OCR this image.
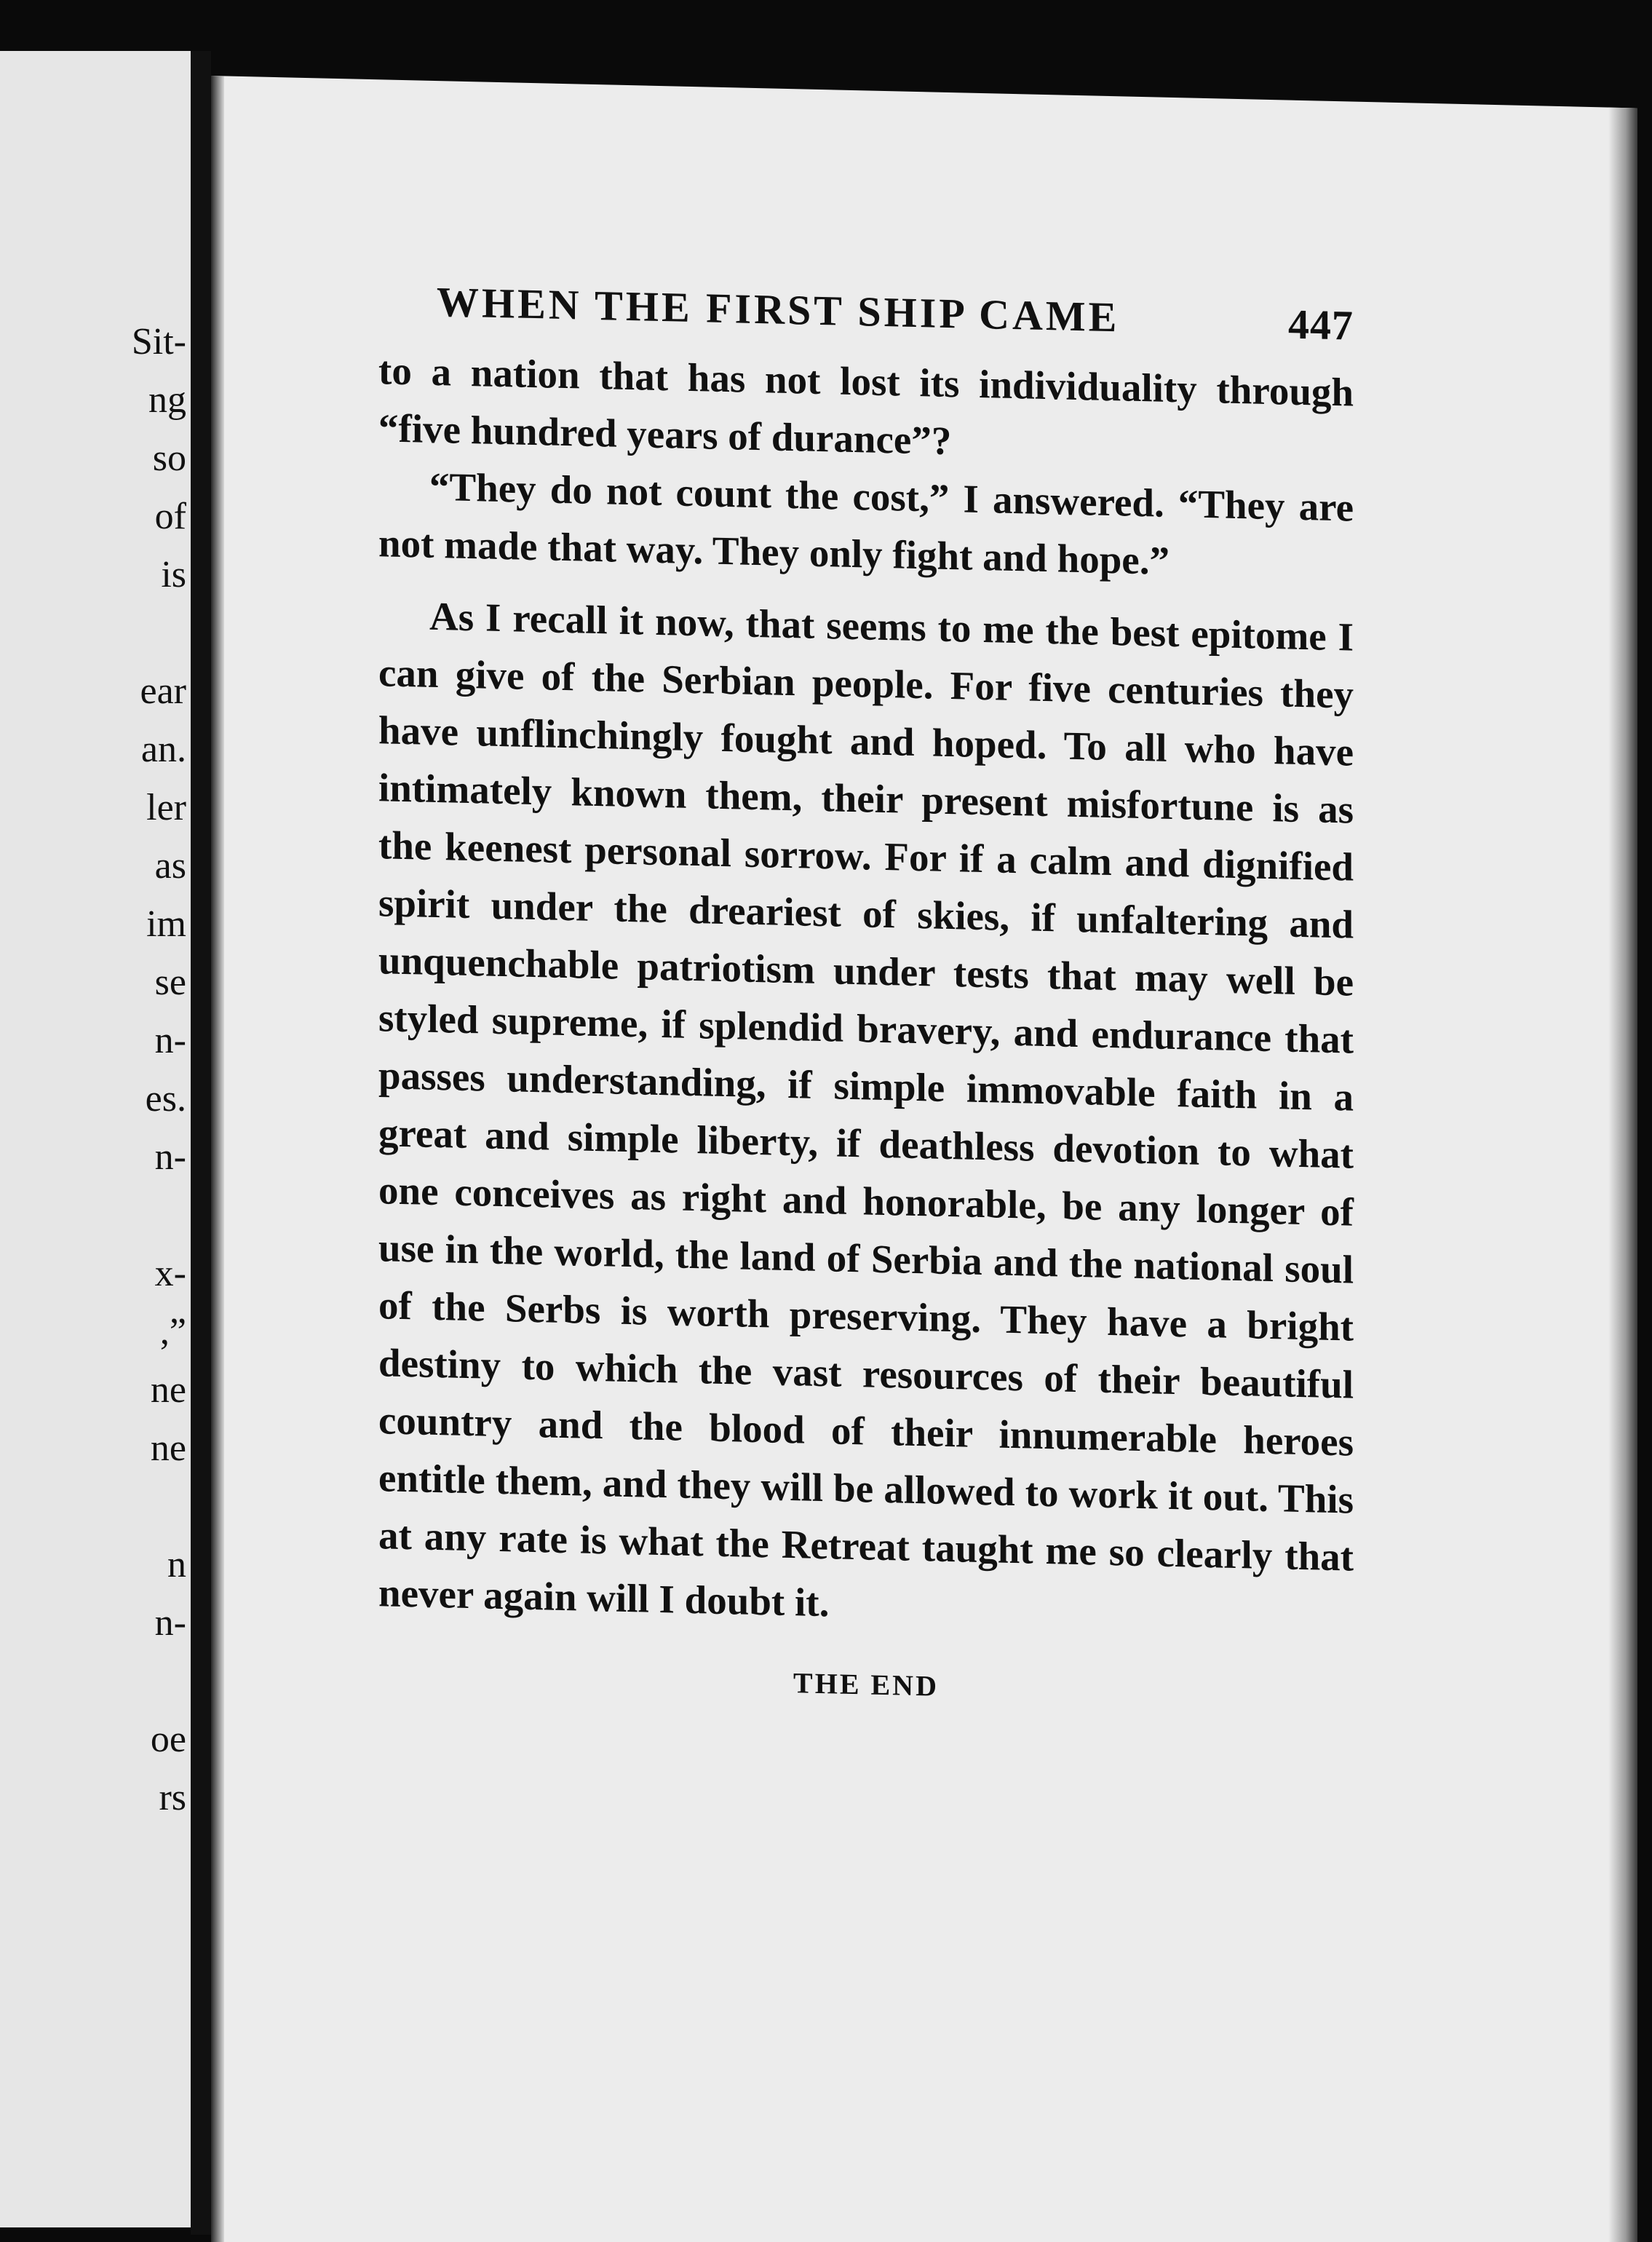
Sit-
ng
so
of
is
ear
an.
ler
as
im
se
n-
es.
n-
x-
,”
ne
ne
n
n-
oe
rs
WHEN THE FIRST SHIP CAME	447

to a nation that has not lost its individuality through “five hundred years of durance”?

“They do not count the cost,” I answered. “They are not made that way. They only fight and hope.”

As I recall it now, that seems to me the best epitome I can give of the Serbian people. For five centuries they have unflinchingly fought and hoped. To all who have intimately known them, their present misfortune is as the keenest personal sorrow. For if a calm and dignified spirit under the dreariest of skies, if unfaltering and unquenchable patriotism under tests that may well be styled supreme, if splendid bravery, and endurance that passes understanding, if simple immovable faith in a great and simple liberty, if deathless devotion to what one conceives as right and honorable, be any longer of use in the world, the land of Serbia and the national soul of the Serbs is worth preserving. They have a bright destiny to which the vast resources of their beautiful country and the blood of their innumerable heroes entitle them, and they will be allowed to work it out. This at any rate is what the Retreat taught me so clearly that never again will I doubt it.

THE END
